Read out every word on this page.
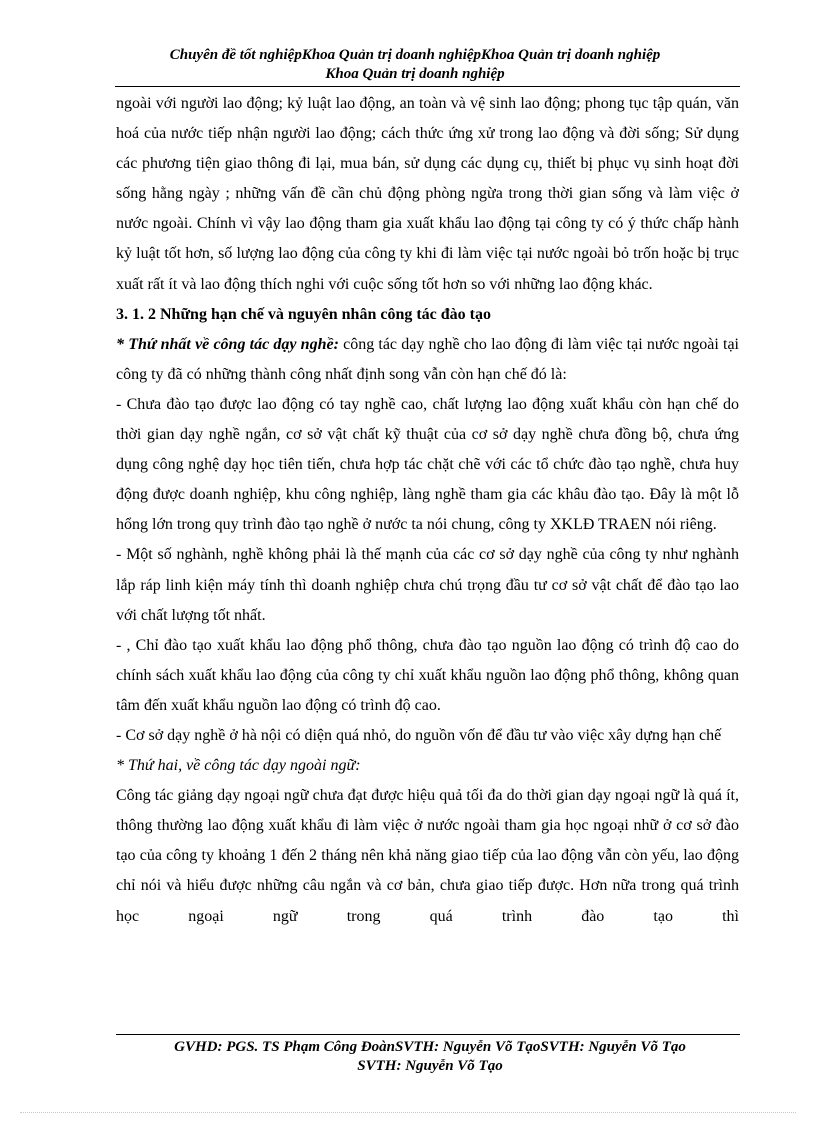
Chuyên đề tốt nghiệpKhoa Quản trị doanh nghiệpKhoa Quản trị doanh nghiệp
Khoa Quản trị doanh nghiệp

ngoài với người lao động; kỷ luật lao động, an toàn và vệ sinh lao động; phong tục tập quán, văn hoá của nước tiếp nhận người lao động; cách thức ứng xử trong lao động và đời sống; Sử dụng các phương tiện giao thông đi lại, mua bán, sử dụng các dụng cụ, thiết bị phục vụ sinh hoạt đời sống hằng ngày ; những vấn đề cần chủ động phòng ngừa trong thời gian sống và làm việc ở nước ngoài. Chính vì vậy lao động tham gia xuất khẩu lao động tại công ty có ý thức chấp hành kỷ luật tốt hơn, số lượng lao động của công ty khi đi làm việc tại nước ngoài bỏ trốn hoặc bị trục xuất rất ít và lao động thích nghi với cuộc sống tốt hơn so với những lao động khác.

3. 1. 2 Những hạn chế và nguyên nhân công tác đào tạo

* Thứ nhất về công tác dạy nghề: công tác dạy nghề cho lao động đi làm việc tại nước ngoài tại công ty đã có những thành công nhất định song vẫn còn hạn chế đó là:

- Chưa đào tạo được lao động có tay nghề cao, chất lượng lao động xuất khẩu còn hạn chế do thời gian dạy nghề ngắn, cơ sở vật chất kỹ thuật của cơ sở dạy nghề chưa đồng bộ, chưa ứng dụng công nghệ dạy học tiên tiến, chưa hợp tác chặt chẽ với các tổ chức đào tạo nghề, chưa huy động được doanh nghiệp, khu công nghiệp, làng nghề tham gia các khâu đào tạo. Đây là một lỗ hổng lớn trong quy trình đào tạo nghề ở nước ta nói chung, công ty XKLĐ TRAEN nói riêng.

- Một số nghành, nghề không phải là thế mạnh của các cơ sở dạy nghề của công ty như nghành lắp ráp linh kiện máy tính thì doanh nghiệp chưa chú trọng đầu tư cơ sở vật chất để đào tạo lao với chất lượng tốt nhất.

- , Chỉ đào tạo xuất khẩu lao động phổ thông, chưa đào tạo nguồn lao động có trình độ cao do chính sách xuất khẩu lao động của công ty chỉ xuất khẩu nguồn lao động phổ thông, không quan tâm đến xuất khẩu nguồn lao động có trình độ cao.

- Cơ sở dạy nghề ở hà nội có diện quá nhỏ, do nguồn vốn để đầu tư vào việc xây dựng hạn chế

* Thứ hai, về công tác dạy ngoài ngữ:

Công tác giảng dạy ngoại ngữ chưa đạt được hiệu quả tối đa do thời gian dạy ngoại ngữ là quá ít, thông thường lao động xuất khẩu đi làm việc ở nước ngoài tham gia học ngoại nhữ ở cơ sở đào tạo của công ty khoảng 1 đến 2 tháng nên khả năng giao tiếp của lao động vẫn còn yếu, lao động chỉ nói và hiểu được những câu ngắn và cơ bản, chưa giao tiếp được. Hơn nữa trong quá trình học ngoại ngữ trong quá trình đào tạo thì

GVHD: PGS. TS Phạm Công ĐoànSVTH: Nguyễn Võ TạoSVTH: Nguyễn Võ Tạo
SVTH: Nguyễn Võ Tạo
